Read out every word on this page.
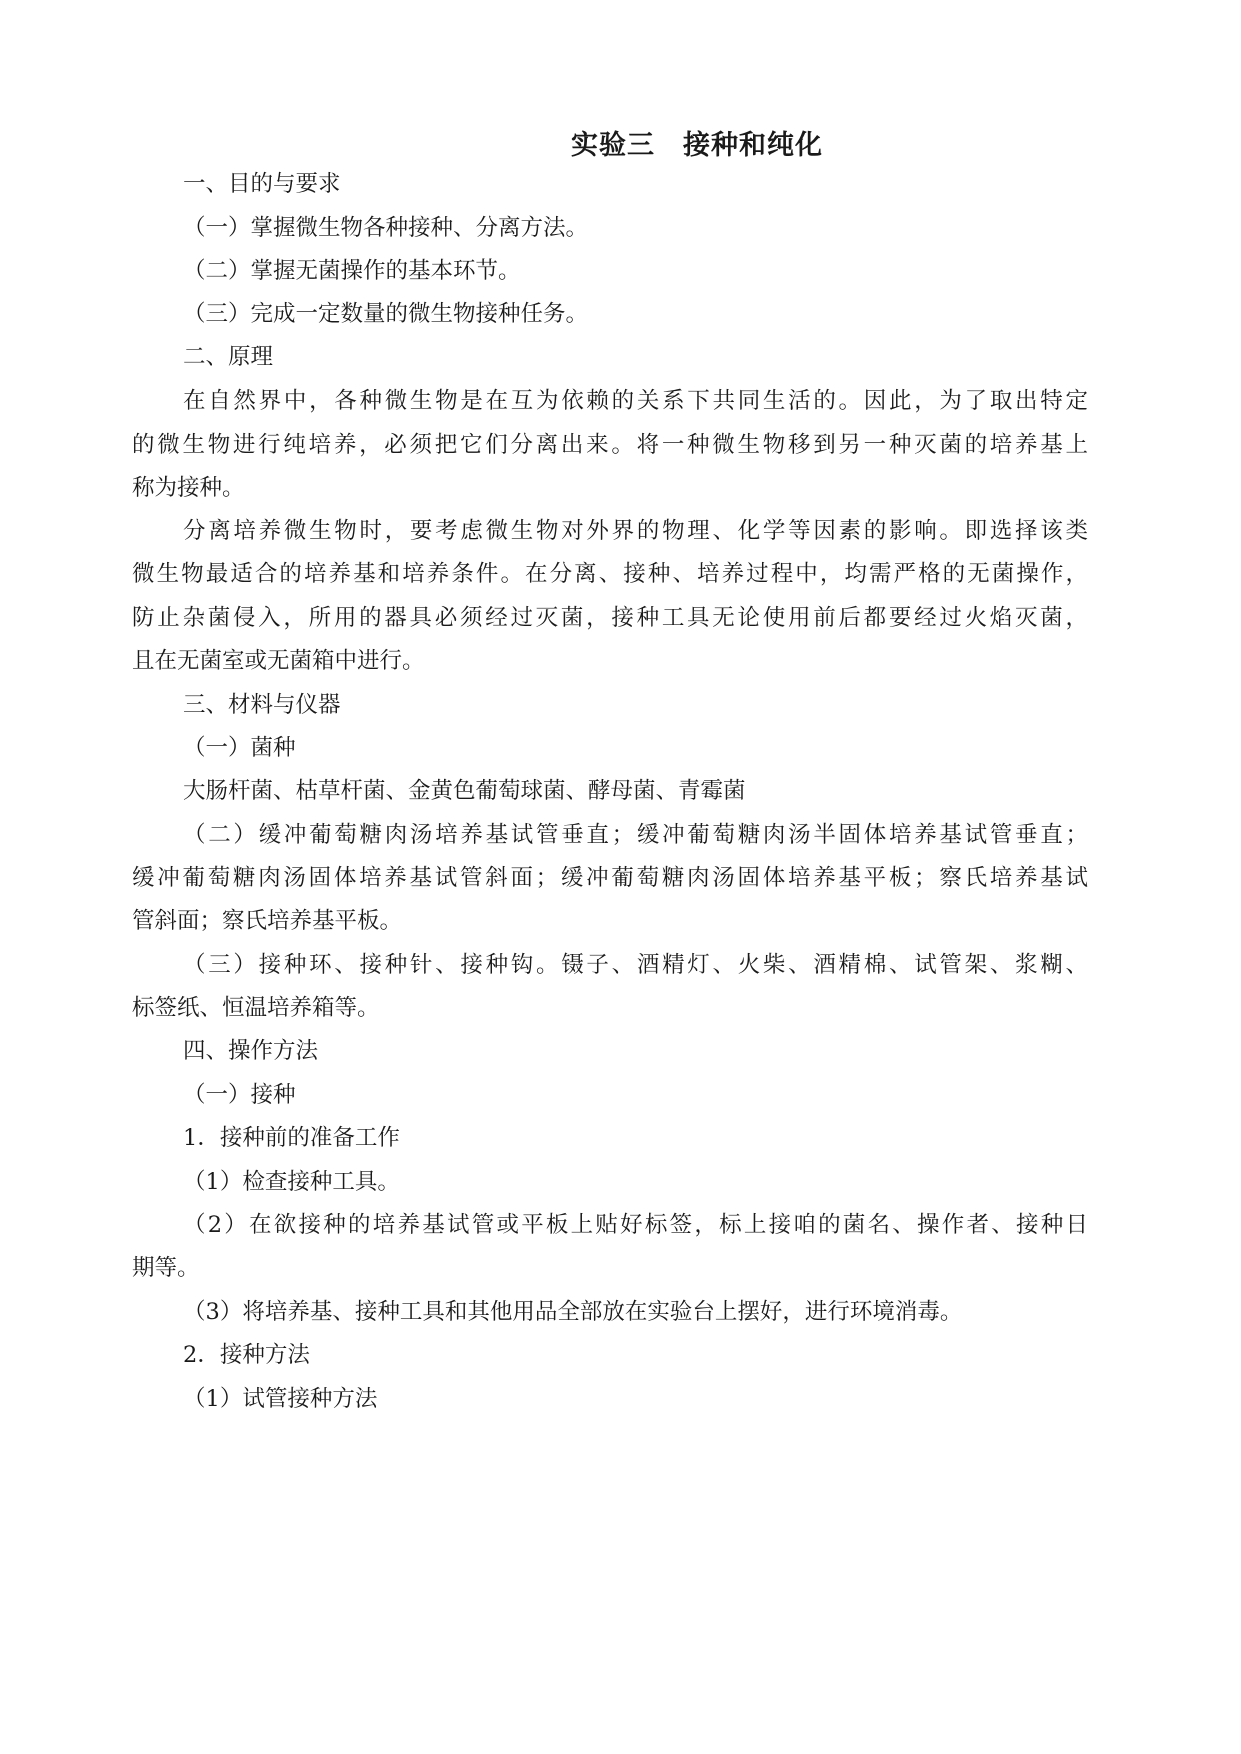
实验三　接种和纯化
一、目的与要求
（一）掌握微生物各种接种、分离方法。
（二）掌握无菌操作的基本环节。
（三）完成一定数量的微生物接种任务。
二、原理
在自然界中，各种微生物是在互为依赖的关系下共同生活的。因此，为了取出特定
的微生物进行纯培养，必须把它们分离出来。将一种微生物移到另一种灭菌的培养基上
称为接种。
分离培养微生物时，要考虑微生物对外界的物理、化学等因素的影响。即选择该类
微生物最适合的培养基和培养条件。在分离、接种、培养过程中，均需严格的无菌操作，
防止杂菌侵入，所用的器具必须经过灭菌，接种工具无论使用前后都要经过火焰灭菌，
且在无菌室或无菌箱中进行。
三、材料与仪器
（一）菌种
大肠杆菌、枯草杆菌、金黄色葡萄球菌、酵母菌、青霉菌
（二）缓冲葡萄糖肉汤培养基试管垂直；缓冲葡萄糖肉汤半固体培养基试管垂直；
缓冲葡萄糖肉汤固体培养基试管斜面；缓冲葡萄糖肉汤固体培养基平板；察氏培养基试
管斜面；察氏培养基平板。
（三）接种环、接种针、接种钩。镊子、酒精灯、火柴、酒精棉、试管架、浆糊、
标签纸、恒温培养箱等。
四、操作方法
（一）接种
1．接种前的准备工作
（1）检查接种工具。
（2）在欲接种的培养基试管或平板上贴好标签，标上接咱的菌名、操作者、接种日
期等。
（3）将培养基、接种工具和其他用品全部放在实验台上摆好，进行环境消毒。
2．接种方法
（1）试管接种方法
